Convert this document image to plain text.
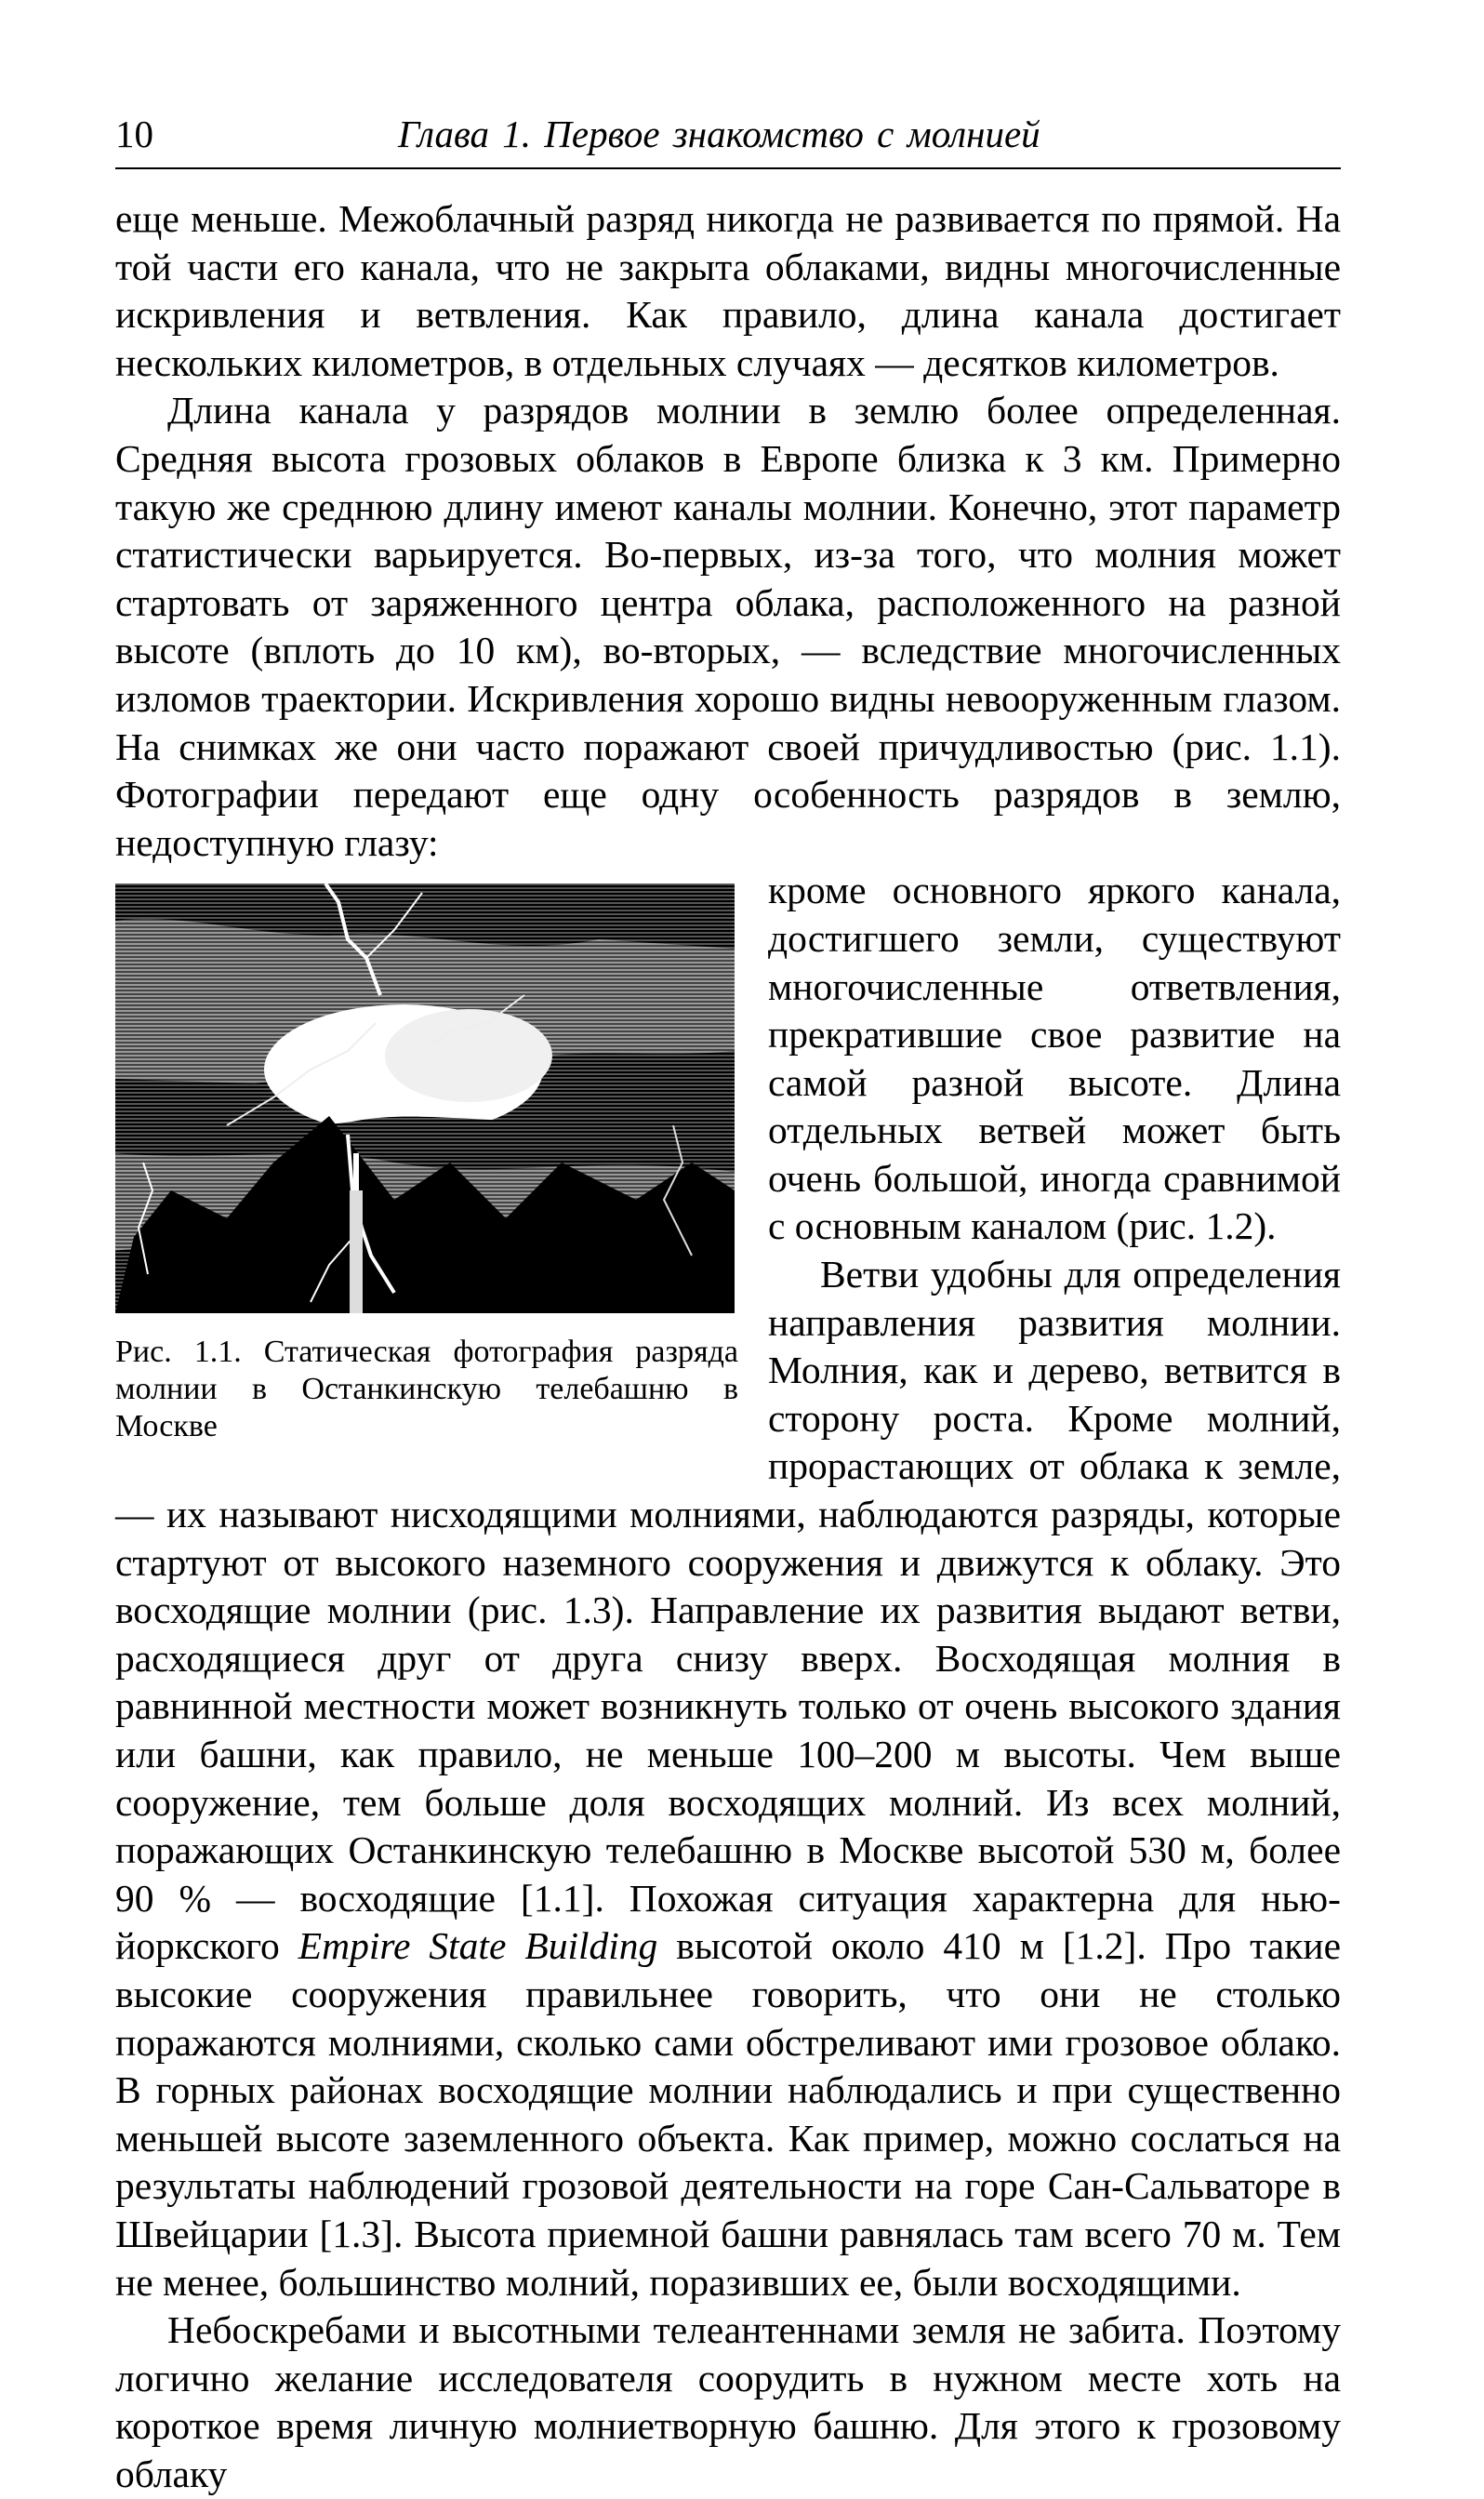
10	Глава 1. Первое знакомство с молнией

еще меньше. Межоблачный разряд никогда не развивается по прямой. На той части его канала, что не закрыта облаками, видны многочисленные искривления и ветвления. Как правило, длина канала достигает нескольких километров, в отдельных случаях — десятков километров.

Длина канала у разрядов молнии в землю более определенная. Средняя высота грозовых облаков в Европе близка к 3 км. Примерно такую же среднюю длину имеют каналы молнии. Конечно, этот параметр статистически варьируется. Во-первых, из-за того, что молния может стартовать от заряженного центра облака, расположенного на разной высоте (вплоть до 10 км), во-вторых, — вследствие многочисленных изломов траектории. Искривления хорошо видны невооруженным глазом. На снимках же они часто поражают своей причудливостью (рис. 1.1). Фотографии передают еще одну особенность разрядов в землю, недоступную глазу:

Рис. 1.1. Статическая фотография разряда молнии в Останкинскую телебашню в Москве

кроме основного яркого канала, достигшего земли, существуют многочисленные ответвления, прекратившие свое развитие на самой разной высоте. Длина отдельных ветвей может быть очень большой, иногда сравнимой с основным каналом (рис. 1.2).

Ветви удобны для определения направления развития молнии. Молния, как и дерево, ветвится в сторону роста. Кроме молний, прорастающих от облака к земле, — их называют нисходящими молниями, наблюдаются разряды, которые стартуют от высокого наземного сооружения и движутся к облаку. Это восходящие молнии (рис. 1.3). Направление их развития выдают ветви, расходящиеся друг от друга снизу вверх. Восходящая молния в равнинной местности может возникнуть только от очень высокого здания или башни, как правило, не меньше 100–200 м высоты. Чем выше сооружение, тем больше доля восходящих молний. Из всех молний, поражающих Останкинскую телебашню в Москве высотой 530 м, более 90 % — восходящие [1.1]. Похожая ситуация характерна для нью-йоркского Empire State Building высотой около 410 м [1.2]. Про такие высокие сооружения правильнее говорить, что они не столько поражаются молниями, сколько сами обстреливают ими грозовое облако. В горных районах восходящие молнии наблюдались и при существенно меньшей высоте заземленного объекта. Как пример, можно сослаться на результаты наблюдений грозовой деятельности на горе Сан-Сальваторе в Швейцарии [1.3]. Высота приемной башни равнялась там всего 70 м. Тем не менее, большинство молний, поразивших ее, были восходящими.

Небоскребами и высотными телеантеннами земля не забита. Поэтому логично желание исследователя соорудить в нужном месте хоть на короткое время личную молниетворную башню. Для этого к грозовому облаку
